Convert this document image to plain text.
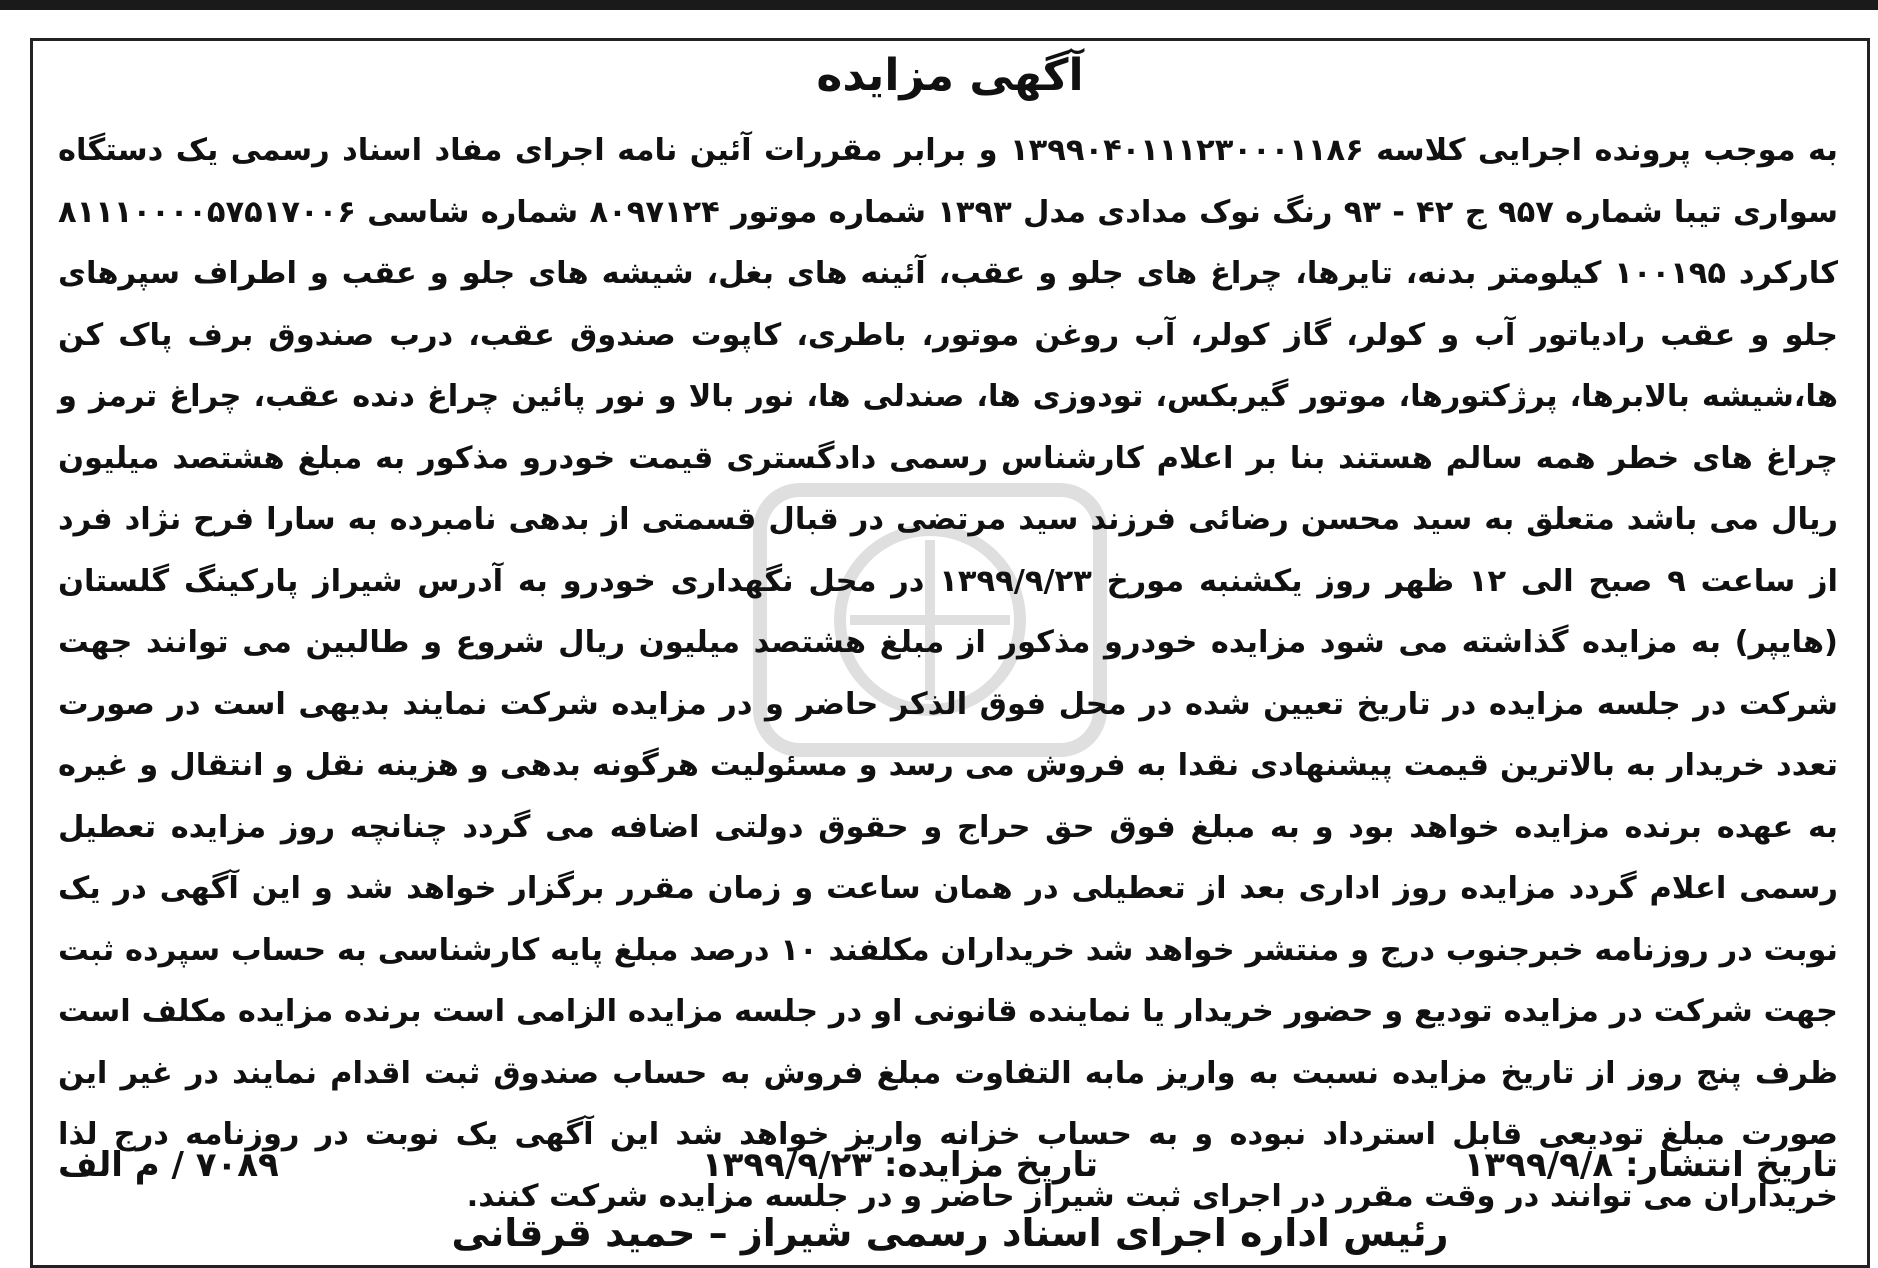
آگهی مزایده
به موجب پرونده اجرایی کلاسه ۱۳۹۹۰۴۰۱۱۱۲۳۰۰۰۱۱۸۶ و برابر مقررات آئین نامه اجرای مفاد اسناد رسمی یک دستگاه سواری تیبا شماره ۹۵۷ ج ۴۲ - ۹۳ رنگ نوک مدادی مدل ۱۳۹۳ شماره موتور ۸۰۹۷۱۲۴ شماره شاسی ۸۱۱۱۰۰۰۰۵۷۵۱۷۰۰۶ کارکرد ۱۰۰۱۹۵ کیلومتر بدنه، تایرها، چراغ های جلو و عقب، آئینه های بغل، شیشه های جلو و عقب و اطراف سپرهای جلو و عقب رادیاتور آب و کولر، گاز کولر، آب روغن موتور، باطری، کاپوت صندوق عقب، درب صندوق برف پاک کن ها،شیشه بالابرها، پرژکتورها، موتور گیربکس، تودوزی ها، صندلی ها، نور بالا و نور پائین چراغ دنده عقب، چراغ ترمز و چراغ های خطر همه سالم هستند بنا بر اعلام کارشناس رسمی دادگستری قیمت خودرو مذکور به مبلغ هشتصد میلیون ریال می باشد متعلق به سید محسن رضائی فرزند سید مرتضی در قبال قسمتی از بدهی نامبرده به سارا فرح نژاد فرد از ساعت ۹ صبح الی ۱۲ ظهر روز یکشنبه مورخ ۱۳۹۹/۹/۲۳ در محل نگهداری خودرو به آدرس شیراز پارکینگ گلستان (هایپر) به مزایده گذاشته می شود مزایده خودرو مذکور از مبلغ هشتصد میلیون ریال شروع و طالبین می توانند جهت شرکت در جلسه مزایده در تاریخ تعیین شده در محل فوق الذکر حاضر و در مزایده شرکت نمایند بدیهی است در صورت تعدد خریدار به بالاترین قیمت پیشنهادی نقدا به فروش می رسد و مسئولیت هرگونه بدهی و هزینه نقل و انتقال و غیره به عهده برنده مزایده خواهد بود و به مبلغ فوق حق حراج و حقوق دولتی اضافه می گردد چنانچه روز مزایده تعطیل رسمی اعلام گردد مزایده روز اداری بعد از تعطیلی در همان ساعت و زمان مقرر برگزار خواهد شد و این آگهی در یک نوبت در روزنامه خبرجنوب درج و منتشر خواهد شد خریداران مکلفند ۱۰ درصد مبلغ پایه کارشناسی به حساب سپرده ثبت جهت شرکت در مزایده تودیع و حضور خریدار یا نماینده قانونی او در جلسه مزایده الزامی است برنده مزایده مکلف است ظرف پنج روز از تاریخ مزایده نسبت به واریز مابه التفاوت مبلغ فروش به حساب صندوق ثبت اقدام نمایند در غیر این صورت مبلغ تودیعی قابل استرداد نبوده و به حساب خزانه واریز خواهد شد این آگهی یک نوبت در روزنامه درج لذا خریداران می توانند در وقت مقرر در اجرای ثبت شیراز حاضر و در جلسه مزایده شرکت کنند.
تاریخ انتشار: ۱۳۹۹/۹/۸
تاریخ مزایده: ۱۳۹۹/۹/۲۳
۷۰۸۹ / م الف
رئیس اداره اجرای اسناد رسمی شیراز – حمید قرقانی
